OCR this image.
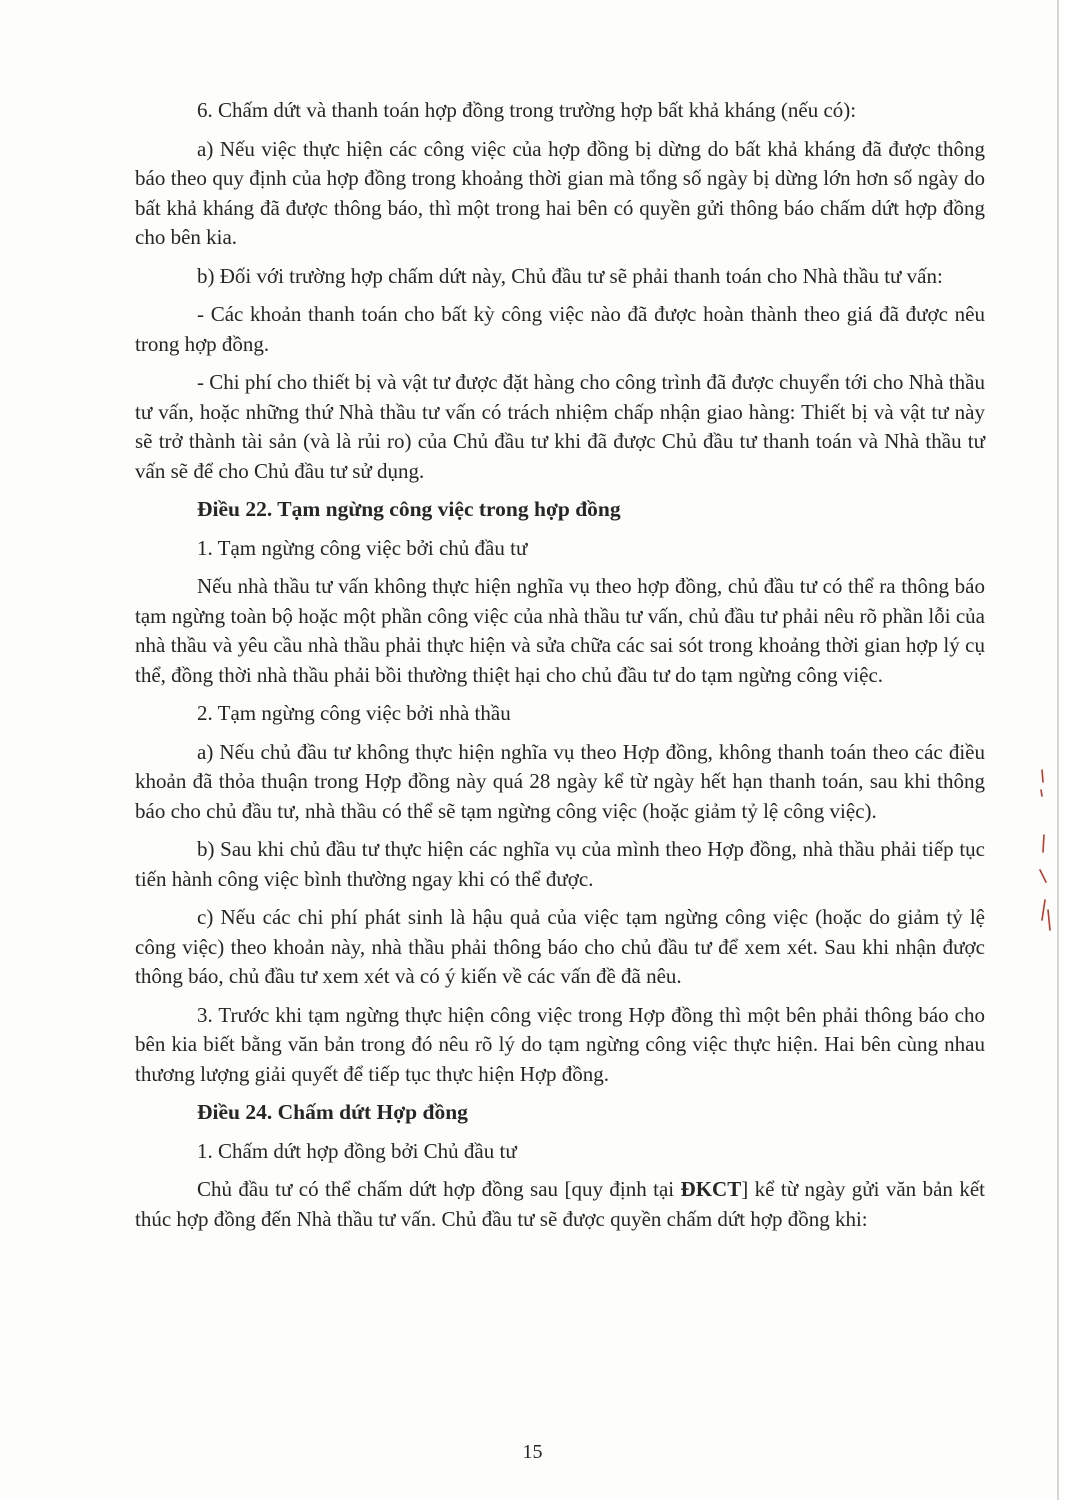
6. Chấm dứt và thanh toán hợp đồng trong trường hợp bất khả kháng (nếu có):

a) Nếu việc thực hiện các công việc của hợp đồng bị dừng do bất khả kháng đã được thông báo theo quy định của hợp đồng trong khoảng thời gian mà tổng số ngày bị dừng lớn hơn số ngày do bất khả kháng đã được thông báo, thì một trong hai bên có quyền gửi thông báo chấm dứt hợp đồng cho bên kia.

b) Đối với trường hợp chấm dứt này, Chủ đầu tư sẽ phải thanh toán cho Nhà thầu tư vấn:

- Các khoản thanh toán cho bất kỳ công việc nào đã được hoàn thành theo giá đã được nêu trong hợp đồng.

- Chi phí cho thiết bị và vật tư được đặt hàng cho công trình đã được chuyển tới cho Nhà thầu tư vấn, hoặc những thứ Nhà thầu tư vấn có trách nhiệm chấp nhận giao hàng: Thiết bị và vật tư này sẽ trở thành tài sản (và là rủi ro) của Chủ đầu tư khi đã được Chủ đầu tư thanh toán và Nhà thầu tư vấn sẽ để cho Chủ đầu tư sử dụng.

Điều 22. Tạm ngừng công việc trong hợp đồng

1. Tạm ngừng công việc bởi chủ đầu tư

Nếu nhà thầu tư vấn không thực hiện nghĩa vụ theo hợp đồng, chủ đầu tư có thể ra thông báo tạm ngừng toàn bộ hoặc một phần công việc của nhà thầu tư vấn, chủ đầu tư phải nêu rõ phần lỗi của nhà thầu và yêu cầu nhà thầu phải thực hiện và sửa chữa các sai sót trong khoảng thời gian hợp lý cụ thể, đồng thời nhà thầu phải bồi thường thiệt hại cho chủ đầu tư do tạm ngừng công việc.

2. Tạm ngừng công việc bởi nhà thầu

a) Nếu chủ đầu tư không thực hiện nghĩa vụ theo Hợp đồng, không thanh toán theo các điều khoản đã thỏa thuận trong Hợp đồng này quá 28 ngày kể từ ngày hết hạn thanh toán, sau khi thông báo cho chủ đầu tư, nhà thầu có thể sẽ tạm ngừng công việc (hoặc giảm tỷ lệ công việc).

b) Sau khi chủ đầu tư thực hiện các nghĩa vụ của mình theo Hợp đồng, nhà thầu phải tiếp tục tiến hành công việc bình thường ngay khi có thể được.

c) Nếu các chi phí phát sinh là hậu quả của việc tạm ngừng công việc (hoặc do giảm tỷ lệ công việc) theo khoản này, nhà thầu phải thông báo cho chủ đầu tư để xem xét. Sau khi nhận được thông báo, chủ đầu tư xem xét và có ý kiến về các vấn đề đã nêu.

3. Trước khi tạm ngừng thực hiện công việc trong Hợp đồng thì một bên phải thông báo cho bên kia biết bằng văn bản trong đó nêu rõ lý do tạm ngừng công việc thực hiện. Hai bên cùng nhau thương lượng giải quyết để tiếp tục thực hiện Hợp đồng.

Điều 24. Chấm dứt Hợp đồng

1. Chấm dứt hợp đồng bởi Chủ đầu tư

Chủ đầu tư có thể chấm dứt hợp đồng sau [quy định tại ĐKCT] kể từ ngày gửi văn bản kết thúc hợp đồng đến Nhà thầu tư vấn. Chủ đầu tư sẽ được quyền chấm dứt hợp đồng khi:

15
